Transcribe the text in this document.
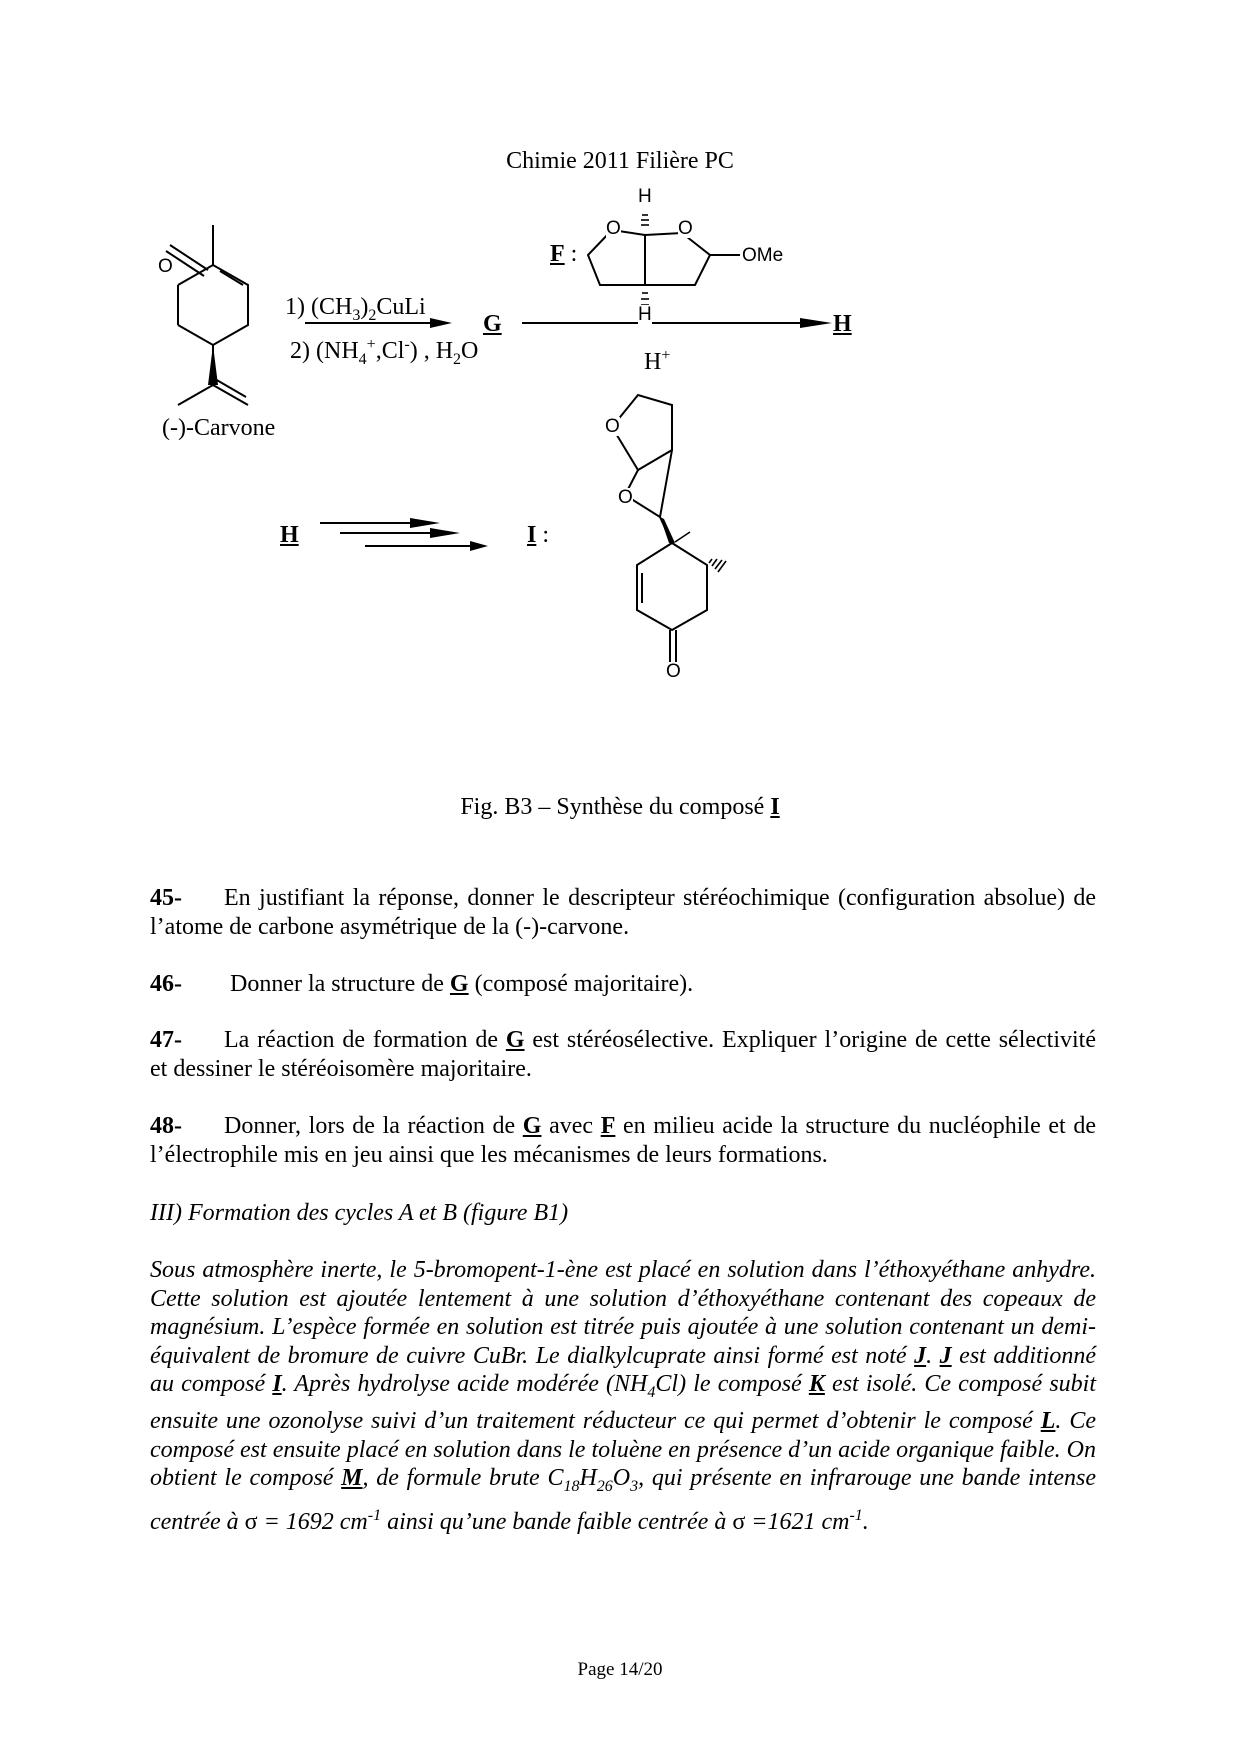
Chimie 2011 Filière PC
O
(-)-Carvone
1) $(CH_3)_2CuLi$
2) $(NH_4^+,Cl^-)$ , $H_2O$
G
F :
H
H
O	O
OMe
H+
H
H	I :
O
O
O
Fig. B3 – Synthèse du composé I
45- En justifiant la réponse, donner le descripteur stéréochimique (configuration absolue) de l’atome de carbone asymétrique de la (-)-carvone.
46- Donner la structure de G (composé majoritaire).
47- La réaction de formation de G est stéréosélective. Expliquer l’origine de cette sélectivité et dessiner le stéréoisomère majoritaire.
48- Donner, lors de la réaction de G avec F en milieu acide la structure du nucléophile et de l’électrophile mis en jeu ainsi que les mécanismes de leurs formations.
III) Formation des cycles A et B (figure B1)
Sous atmosphère inerte, le 5-bromopent-1-ène est placé en solution dans l’éthoxyéthane anhydre. Cette solution est ajoutée lentement à une solution d’éthoxyéthane contenant des copeaux de magnésium. L’espèce formée en solution est titrée puis ajoutée à une solution contenant un demi-équivalent de bromure de cuivre CuBr. Le dialkylcuprate ainsi formé est noté J. J est additionné au composé I. Après hydrolyse acide modérée $(NH_4Cl)$ le composé K est isolé. Ce composé subit ensuite une ozonolyse suivi d’un traitement réducteur ce qui permet d’obtenir le composé L. Ce composé est ensuite placé en solution dans le toluène en présence d’un acide organique faible. On obtient le composé M, de formule brute $C_{18}H_{26}O_3$, qui présente en infrarouge une bande intense centrée à σ = 1692 $cm^{-1}$ ainsi qu’une bande faible centrée à σ =1621 $cm^{-1}$.
Page 14/20
